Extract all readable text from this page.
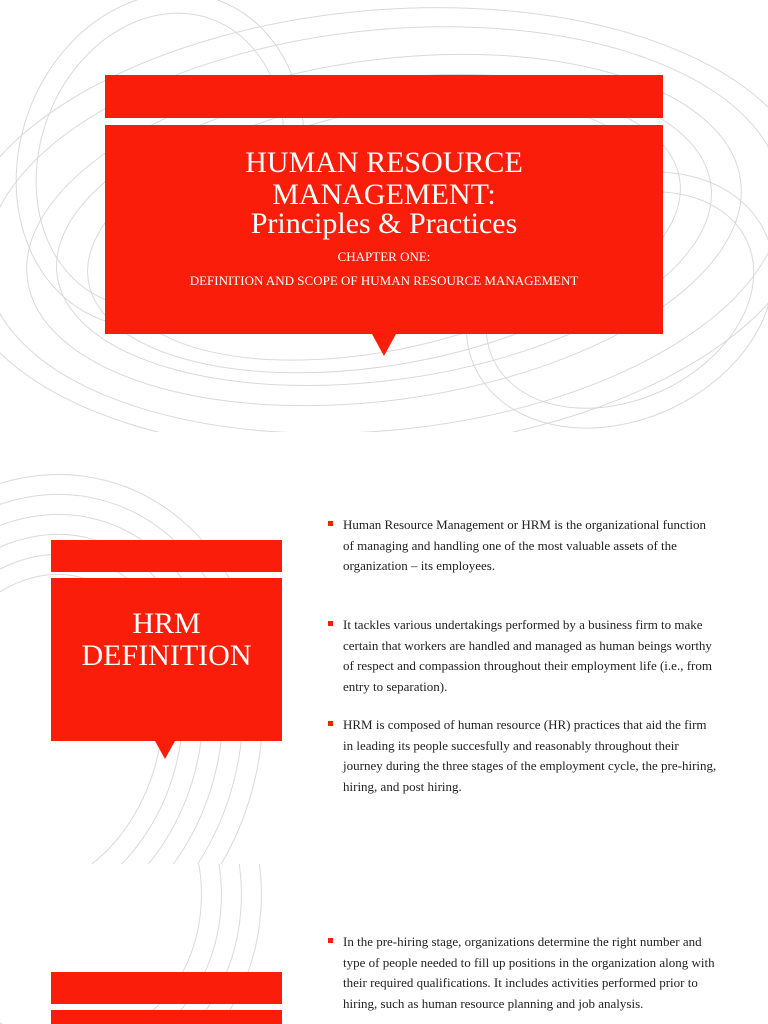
HUMAN RESOURCE
MANAGEMENT:
Principles & Practices
CHAPTER ONE:
DEFINITION AND SCOPE OF HUMAN RESOURCE MANAGEMENT
HRM
DEFINITION
Human Resource Management or HRM is the organizational function of managing and handling one of the most valuable assets of the organization – its employees.
It tackles various undertakings performed by a business firm to make certain that workers are handled and managed as human beings worthy of respect and compassion throughout their employment life (i.e., from entry to separation).
HRM is composed of human resource (HR) practices that aid the firm in leading its people succesfully and reasonably throughout their journey during the three stages of the employment cycle, the pre-hiring, hiring, and post hiring.
In the pre-hiring stage, organizations determine the right number and type of people needed to fill up positions in the organization along with their required qualifications. It includes activities performed prior to hiring, such as human resource planning and job analysis.
